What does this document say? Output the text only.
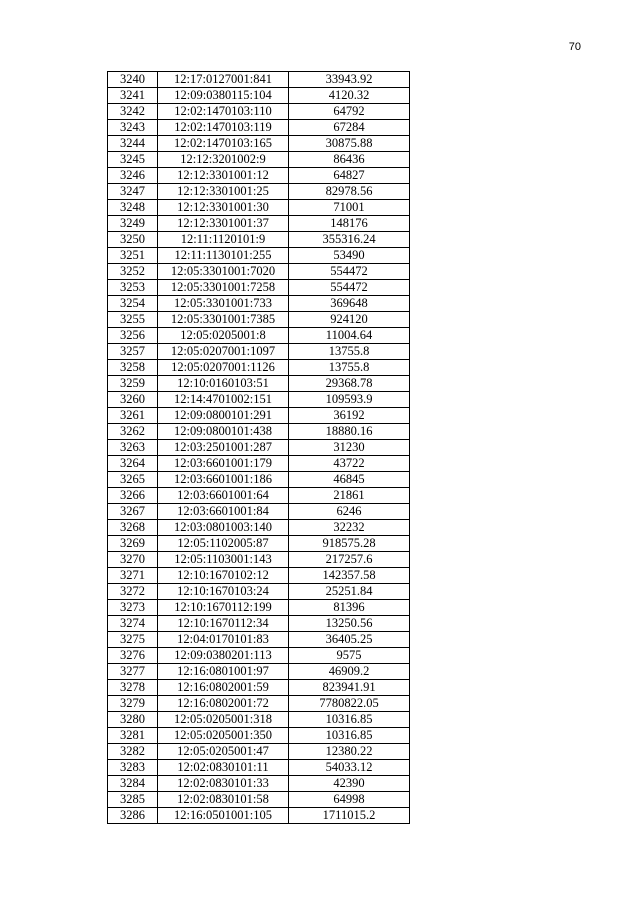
70
3240	12:17:0127001:841	33943.92
3241	12:09:0380115:104	4120.32
3242	12:02:1470103:110	64792
3243	12:02:1470103:119	67284
3244	12:02:1470103:165	30875.88
3245	12:12:3201002:9	86436
3246	12:12:3301001:12	64827
3247	12:12:3301001:25	82978.56
3248	12:12:3301001:30	71001
3249	12:12:3301001:37	148176
3250	12:11:1120101:9	355316.24
3251	12:11:1130101:255	53490
3252	12:05:3301001:7020	554472
3253	12:05:3301001:7258	554472
3254	12:05:3301001:733	369648
3255	12:05:3301001:7385	924120
3256	12:05:0205001:8	11004.64
3257	12:05:0207001:1097	13755.8
3258	12:05:0207001:1126	13755.8
3259	12:10:0160103:51	29368.78
3260	12:14:4701002:151	109593.9
3261	12:09:0800101:291	36192
3262	12:09:0800101:438	18880.16
3263	12:03:2501001:287	31230
3264	12:03:6601001:179	43722
3265	12:03:6601001:186	46845
3266	12:03:6601001:64	21861
3267	12:03:6601001:84	6246
3268	12:03:0801003:140	32232
3269	12:05:1102005:87	918575.28
3270	12:05:1103001:143	217257.6
3271	12:10:1670102:12	142357.58
3272	12:10:1670103:24	25251.84
3273	12:10:1670112:199	81396
3274	12:10:1670112:34	13250.56
3275	12:04:0170101:83	36405.25
3276	12:09:0380201:113	9575
3277	12:16:0801001:97	46909.2
3278	12:16:0802001:59	823941.91
3279	12:16:0802001:72	7780822.05
3280	12:05:0205001:318	10316.85
3281	12:05:0205001:350	10316.85
3282	12:05:0205001:47	12380.22
3283	12:02:0830101:11	54033.12
3284	12:02:0830101:33	42390
3285	12:02:0830101:58	64998
3286	12:16:0501001:105	1711015.2
